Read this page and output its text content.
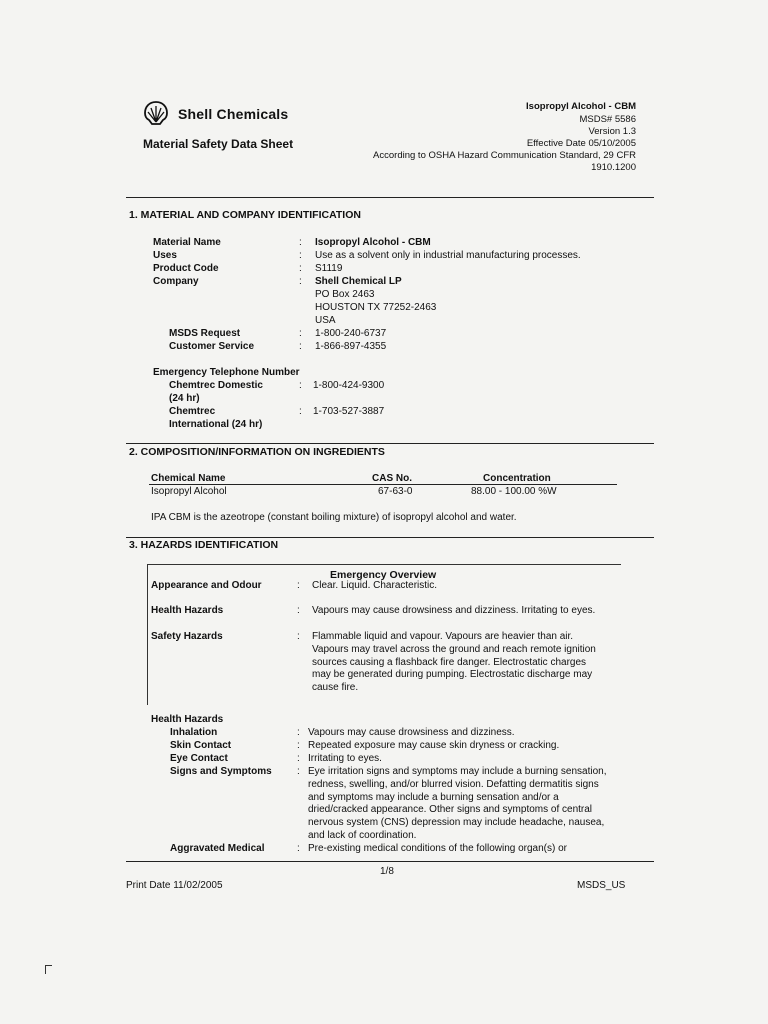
Shell Chemicals
Material Safety Data Sheet
Isopropyl Alcohol - CBM
MSDS# 5586
Version 1.3
Effective Date 05/10/2005
According to OSHA Hazard Communication Standard, 29 CFR
1910.1200
1. MATERIAL AND COMPANY IDENTIFICATION
Material Name	: Isopropyl Alcohol - CBM
Uses	: Use as a solvent only in industrial manufacturing processes.
Product Code	: S1119
Company	: Shell Chemical LP
PO Box 2463
HOUSTON TX 77252-2463
USA
MSDS Request	: 1-800-240-6737
Customer Service	: 1-866-897-4355
Emergency Telephone Number
Chemtrec Domestic
(24 hr)
: 1-800-424-9300
Chemtrec
International (24 hr)
: 1-703-527-3887
2. COMPOSITION/INFORMATION ON INGREDIENTS
Chemical Name	CAS No.	Concentration
Isopropyl Alcohol	67-63-0	88.00 - 100.00 %W
IPA CBM is the azeotrope (constant boiling mixture) of isopropyl alcohol and water.
3. HAZARDS IDENTIFICATION
Emergency Overview
Appearance and Odour	: Clear. Liquid. Characteristic.
Health Hazards	: Vapours may cause drowsiness and dizziness. Irritating to eyes.
Safety Hazards	: Flammable liquid and vapour. Vapours are heavier than air. Vapours may travel across the ground and reach remote ignition sources causing a flashback fire danger. Electrostatic charges may be generated during pumping. Electrostatic discharge may cause fire.
Health Hazards
Inhalation	: Vapours may cause drowsiness and dizziness.
Skin Contact	: Repeated exposure may cause skin dryness or cracking.
Eye Contact	: Irritating to eyes.
Signs and Symptoms	: Eye irritation signs and symptoms may include a burning sensation, redness, swelling, and/or blurred vision. Defatting dermatitis signs and symptoms may include a burning sensation and/or a dried/cracked appearance. Other signs and symptoms of central nervous system (CNS) depression may include headache, nausea, and lack of coordination.
Aggravated Medical	: Pre-existing medical conditions of the following organ(s) or
1/8
Print Date 11/02/2005	MSDS_US
